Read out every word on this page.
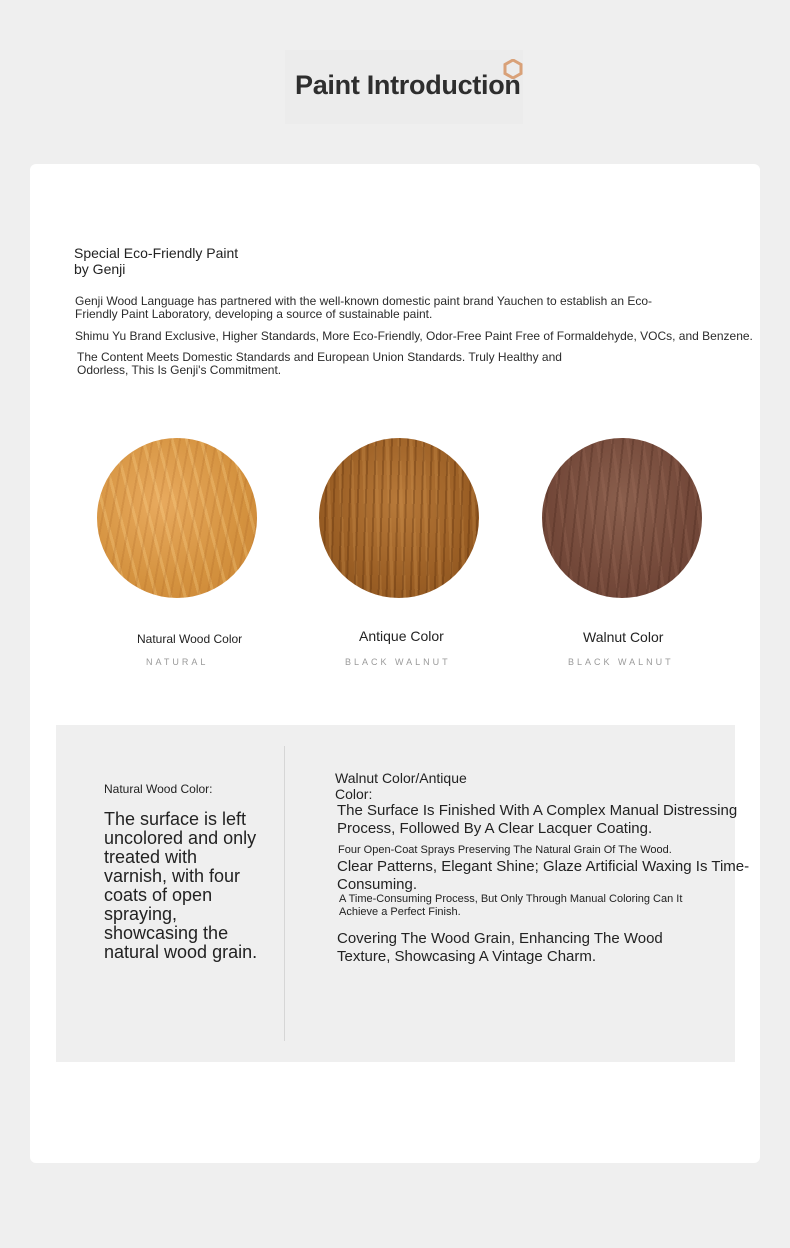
Paint Introduction
Special Eco-Friendly Paint by Genji

Genji Wood Language has partnered with the well-known domestic paint brand Yauchen to establish an Eco-Friendly Paint Laboratory, developing a source of sustainable paint.

Shimu Yu Brand Exclusive, Higher Standards, More Eco-Friendly, Odor-Free Paint Free of Formaldehyde, VOCs, and Benzene.

The Content Meets Domestic Standards and European Union Standards. Truly Healthy and Odorless, This Is Genji's Commitment.

Natural Wood Color	Antique Color	Walnut Color
NATURAL	BLACK WALNUT	BLACK WALNUT
Natural Wood Color:

The surface is left uncolored and only treated with varnish, with four coats of open spraying, showcasing the natural wood grain.

Walnut Color/Antique Color:

The Surface Is Finished With A Complex Manual Distressing Process, Followed By A Clear Lacquer Coating.

Four Open-Coat Sprays Preserving The Natural Grain Of The Wood.

Clear Patterns, Elegant Shine; Glaze Artificial Waxing Is Time-Consuming.

A Time-Consuming Process, But Only Through Manual Coloring Can It Achieve a Perfect Finish.

Covering The Wood Grain, Enhancing The Wood Texture, Showcasing A Vintage Charm.
